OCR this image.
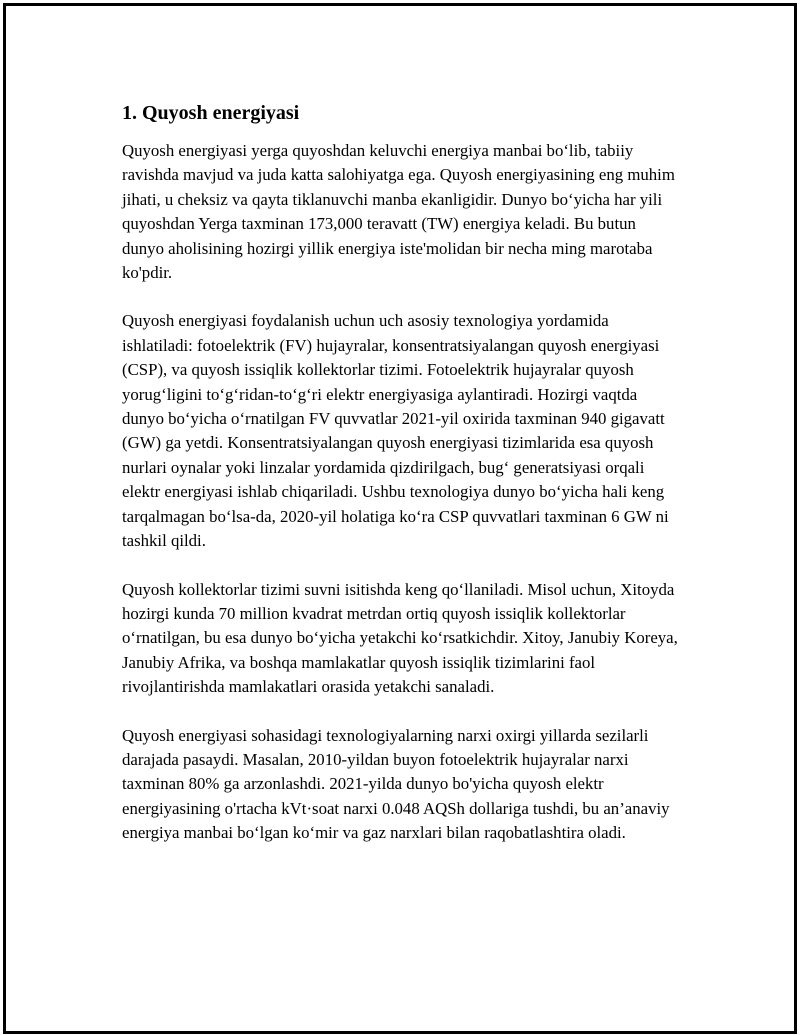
1. Quyosh energiyasi

Quyosh energiyasi yerga quyoshdan keluvchi energiya manbai boʻlib, tabiiy ravishda mavjud va juda katta salohiyatga ega. Quyosh energiyasining eng muhim jihati, u cheksiz va qayta tiklanuvchi manba ekanligidir. Dunyo boʻyicha har yili quyoshdan Yerga taxminan 173,000 teravatt (TW) energiya keladi. Bu butun dunyo aholisining hozirgi yillik energiya iste'molidan bir necha ming marotaba ko'pdir.

Quyosh energiyasi foydalanish uchun uch asosiy texnologiya yordamida ishlatiladi: fotoelektrik (FV) hujayralar, konsentratsiyalangan quyosh energiyasi (CSP), va quyosh issiqlik kollektorlar tizimi. Fotoelektrik hujayralar quyosh yorugʻligini toʻgʻridan-toʻgʻri elektr energiyasiga aylantiradi. Hozirgi vaqtda dunyo boʻyicha oʻrnatilgan FV quvvatlar 2021-yil oxirida taxminan 940 gigavatt (GW) ga yetdi. Konsentratsiyalangan quyosh energiyasi tizimlarida esa quyosh nurlari oynalar yoki linzalar yordamida qizdirilgach, bugʻ generatsiyasi orqali elektr energiyasi ishlab chiqariladi. Ushbu texnologiya dunyo boʻyicha hali keng tarqalmagan boʻlsa-da, 2020-yil holatiga koʻra CSP quvvatlari taxminan 6 GW ni tashkil qildi.

Quyosh kollektorlar tizimi suvni isitishda keng qoʻllaniladi. Misol uchun, Xitoyda hozirgi kunda 70 million kvadrat metrdan ortiq quyosh issiqlik kollektorlar oʻrnatilgan, bu esa dunyo boʻyicha yetakchi koʻrsatkichdir. Xitoy, Janubiy Koreya, Janubiy Afrika, va boshqa mamlakatlar quyosh issiqlik tizimlarini faol rivojlantirishda mamlakatlari orasida yetakchi sanaladi.

Quyosh energiyasi sohasidagi texnologiyalarning narxi oxirgi yillarda sezilarli darajada pasaydi. Masalan, 2010-yildan buyon fotoelektrik hujayralar narxi taxminan 80% ga arzonlashdi. 2021-yilda dunyo bo'yicha quyosh elektr energiyasining o'rtacha kVt·soat narxi 0.048 AQSh dollariga tushdi, bu an’anaviy energiya manbai boʻlgan koʻmir va gaz narxlari bilan raqobatlashtira oladi.
